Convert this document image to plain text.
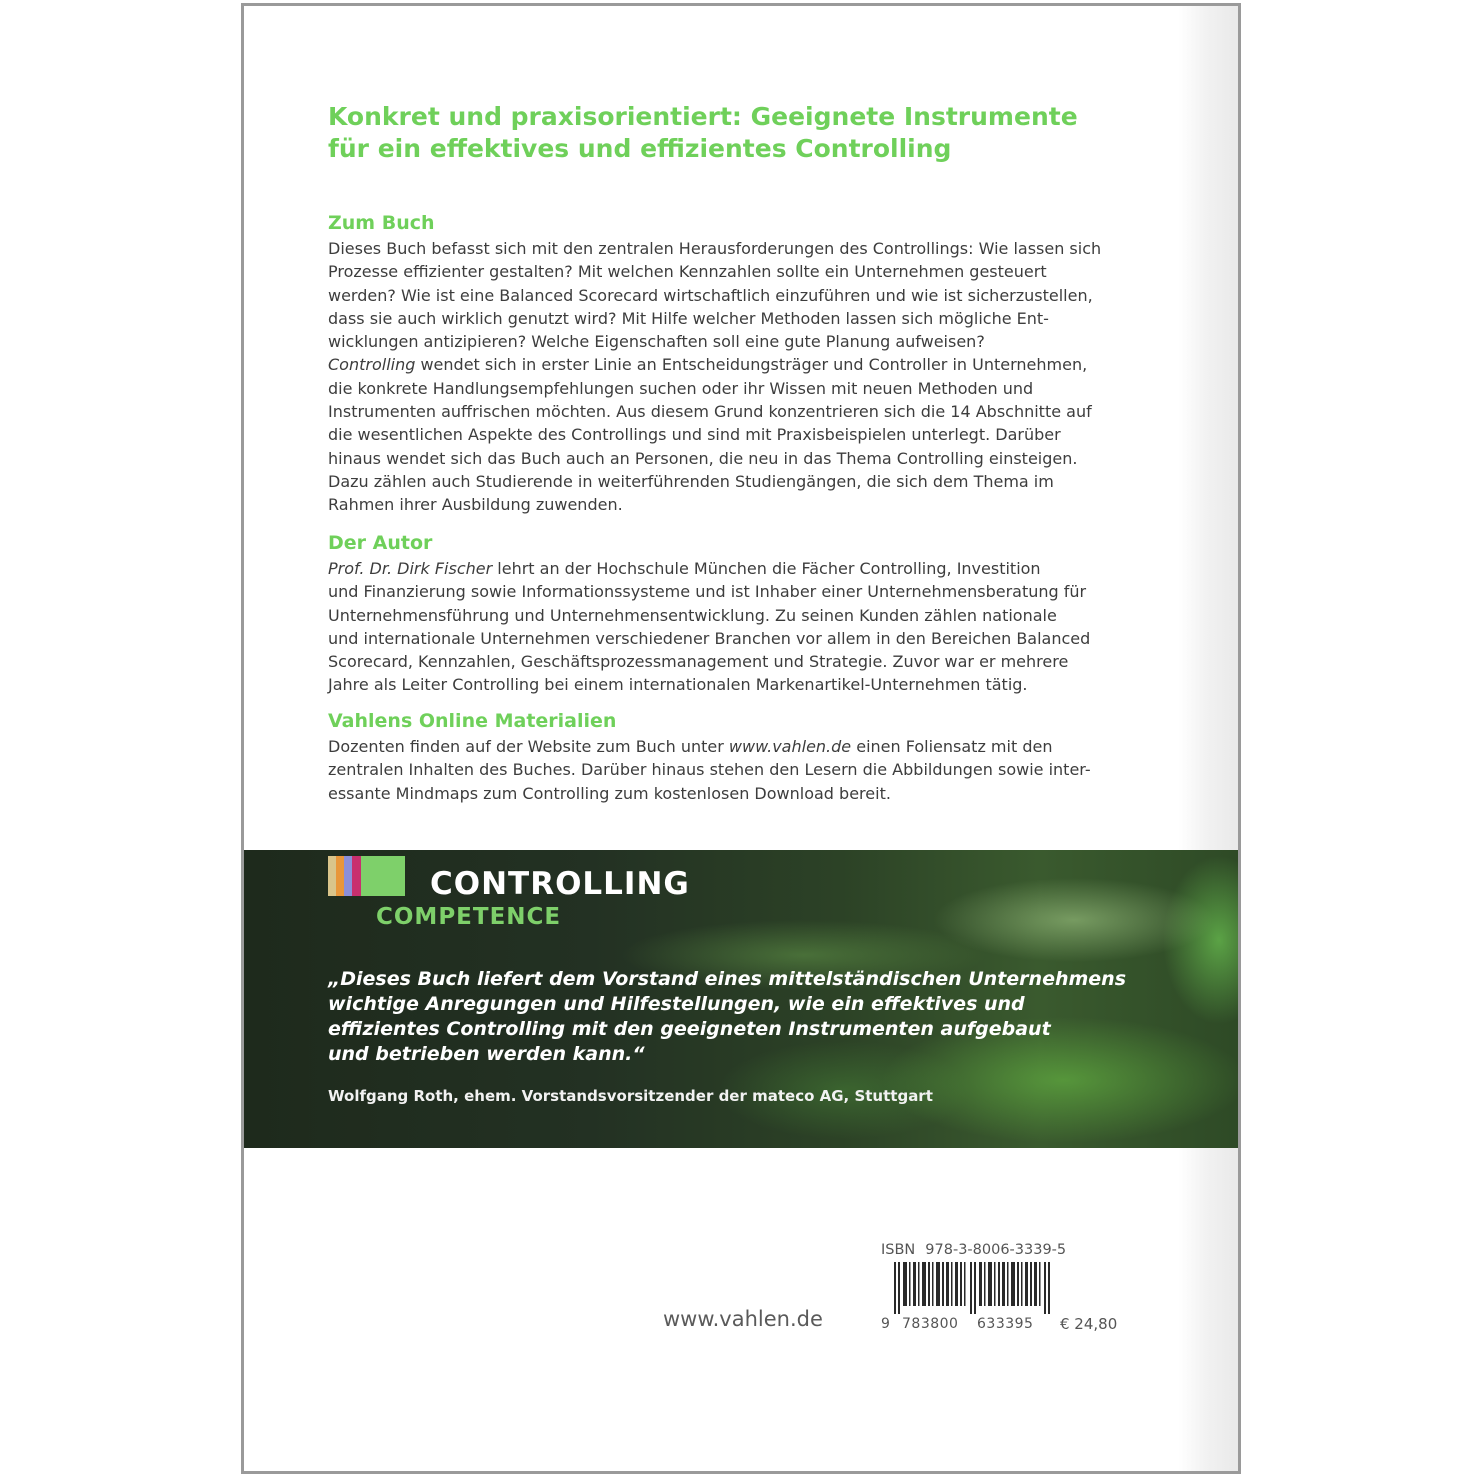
Konkret und praxisorientiert: Geeignete Instrumente
für ein effektives und effizientes Controlling
Zum Buch

Dieses Buch befasst sich mit den zentralen Herausforderungen des Controllings: Wie lassen sich
Prozesse effizienter gestalten? Mit welchen Kennzahlen sollte ein Unternehmen gesteuert
werden? Wie ist eine Balanced Scorecard wirtschaftlich einzuführen und wie ist sicherzustellen,
dass sie auch wirklich genutzt wird? Mit Hilfe welcher Methoden lassen sich mögliche Ent-
wicklungen antizipieren? Welche Eigenschaften soll eine gute Planung aufweisen?
Controlling wendet sich in erster Linie an Entscheidungsträger und Controller in Unternehmen,
die konkrete Handlungsempfehlungen suchen oder ihr Wissen mit neuen Methoden und
Instrumenten auffrischen möchten. Aus diesem Grund konzentrieren sich die 14 Abschnitte auf
die wesentlichen Aspekte des Controllings und sind mit Praxisbeispielen unterlegt. Darüber
hinaus wendet sich das Buch auch an Personen, die neu in das Thema Controlling einsteigen.
Dazu zählen auch Studierende in weiterführenden Studiengängen, die sich dem Thema im
Rahmen ihrer Ausbildung zuwenden.

Der Autor

Prof. Dr. Dirk Fischer lehrt an der Hochschule München die Fächer Controlling, Investition
und Finanzierung sowie Informationssysteme und ist Inhaber einer Unternehmensberatung für
Unternehmensführung und Unternehmensentwicklung. Zu seinen Kunden zählen nationale
und internationale Unternehmen verschiedener Branchen vor allem in den Bereichen Balanced
Scorecard, Kennzahlen, Geschäftsprozessmanagement und Strategie. Zuvor war er mehrere
Jahre als Leiter Controlling bei einem internationalen Markenartikel-Unternehmen tätig.

Vahlens Online Materialien

Dozenten finden auf der Website zum Buch unter www.vahlen.de einen Foliensatz mit den
zentralen Inhalten des Buches. Darüber hinaus stehen den Lesern die Abbildungen sowie inter-
essante Mindmaps zum Controlling zum kostenlosen Download bereit.

CONTROLLING
COMPETENCE

„Dieses Buch liefert dem Vorstand eines mittelständischen Unternehmens
wichtige Anregungen und Hilfestellungen, wie ein effektives und
effizientes Controlling mit den geeigneten Instrumenten aufgebaut
und betrieben werden kann.“

Wolfgang Roth, ehem. Vorstandsvorsitzender der mateco AG, Stuttgart
www.vahlen.de
ISBN 978-3-8006-3339-5
9 783800 633395 € 24,80
